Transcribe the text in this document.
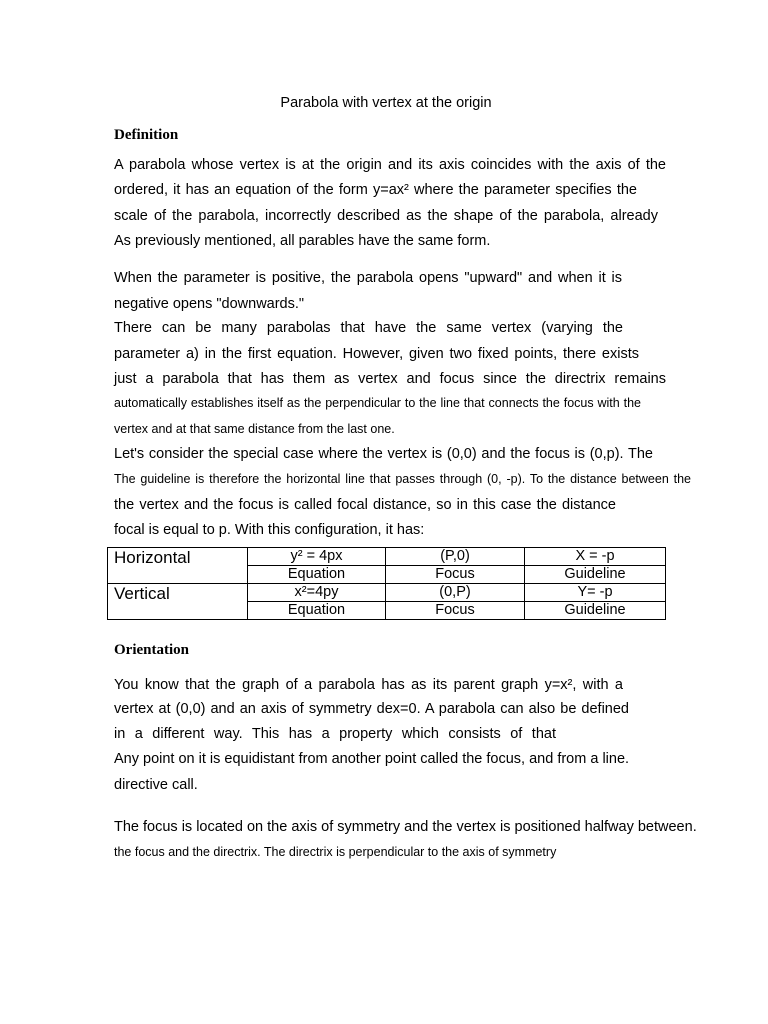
Parabola with vertex at the origin
Definition
A parabola whose vertex is at the origin and its axis coincides with the axis of the
ordered, it has an equation of the form y=ax² where the parameter specifies the
scale of the parabola, incorrectly described as the shape of the parabola, already
As previously mentioned, all parables have the same form.
When the parameter is positive, the parabola opens "upward" and when it is
negative opens "downwards."
There can be many parabolas that have the same vertex (varying the
parameter a) in the first equation. However, given two fixed points, there exists
just a parabola that has them as vertex and focus since the directrix remains
automatically establishes itself as the perpendicular to the line that connects the focus with the
vertex and at that same distance from the last one.
Let's consider the special case where the vertex is (0,0) and the focus is (0,p). The
The guideline is therefore the horizontal line that passes through (0, -p). To the distance between the
the vertex and the focus is called focal distance, so in this case the distance
focal is equal to p. With this configuration, it has:
Horizontal	y² = 4px	(P,0)	X = -p
	Equation	Focus	Guideline
Vertical	x²=4py	(0,P)	Y= -p
	Equation	Focus	Guideline
Orientation
You know that the graph of a parabola has as its parent graph y=x², with a
vertex at (0,0) and an axis of symmetry dex=0. A parabola can also be defined
in a different way. This has a property which consists of that
Any point on it is equidistant from another point called the focus, and from a line.
directive call.
The focus is located on the axis of symmetry and the vertex is positioned halfway between.
the focus and the directrix. The directrix is perpendicular to the axis of symmetry
